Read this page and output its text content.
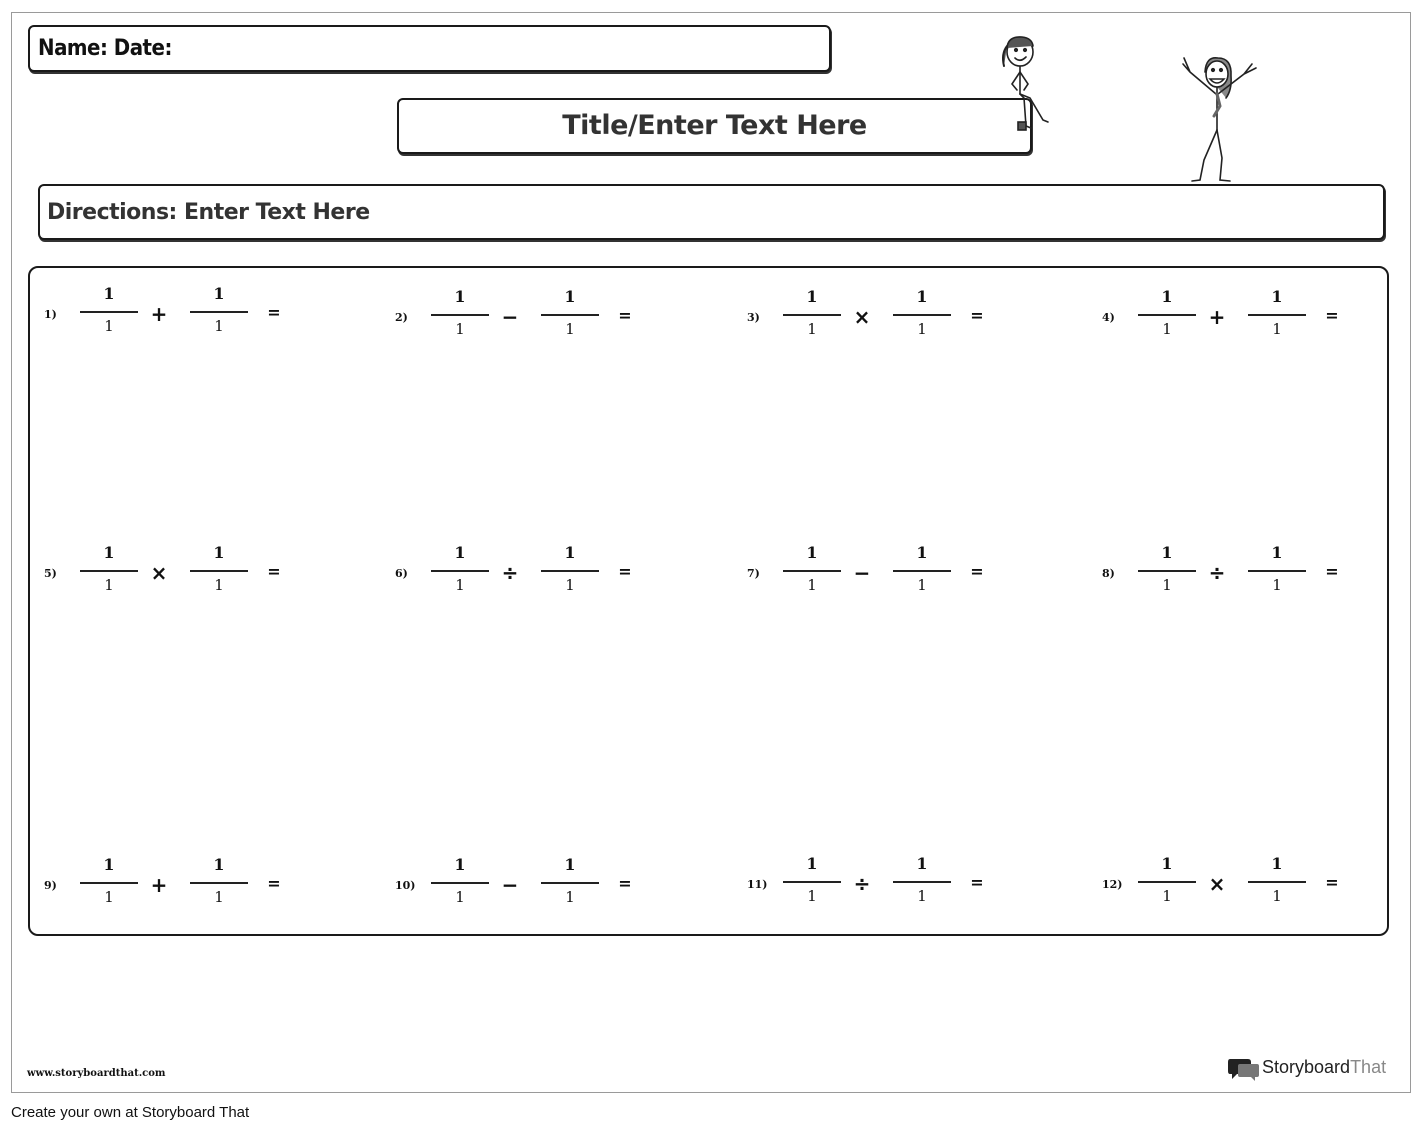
Name: Date:
Title/Enter Text Here
Directions: Enter Text Here
1)
1
1	+
1
1
=	2)
1
1	−
1
1
=	3)
1
1	×
1
1
=	4)
1
1	+
1
1
=
5)
1
1	×
1
1
=	6)
1
1	÷
1
1
=	7)
1
1	−
1
1
=	8)
1
1	÷
1
1
=
9)
1
1	+
1
1
=	10)
1
1	−
1
1
=	11)
1
1	÷
1
1
=	12)
1
1	×
1
1
=
www.storyboardthat.com	StoryboardThat
Create your own at Storyboard That
